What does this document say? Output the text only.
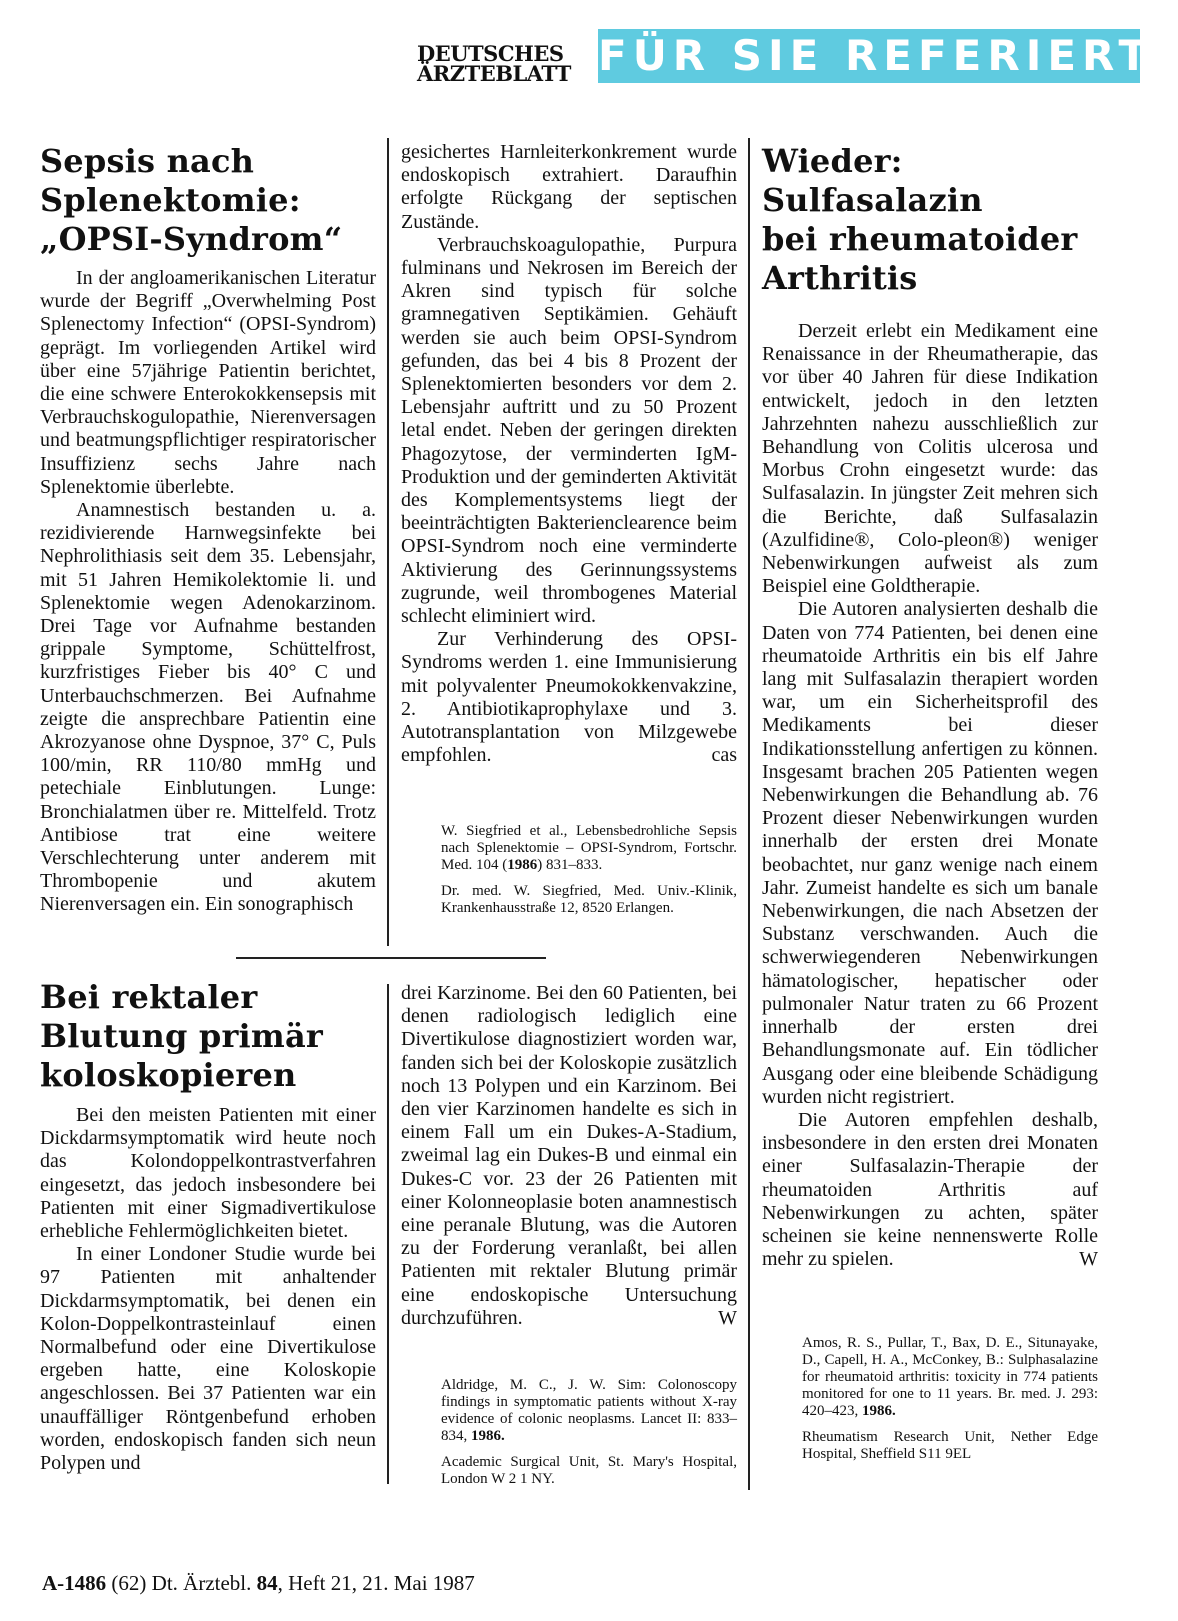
DEUTSCHES
ÄRZTEBLATT FÜR SIE REFERIERT
Sepsis nach
Splenektomie:
„OPSI-Syndrom“

In der angloamerikanischen Literatur wurde der Begriff „Overwhelming Post Splenectomy Infection“ (OPSI-Syndrom) geprägt. Im vorliegenden Artikel wird über eine 57jährige Patientin berichtet, die eine schwere Enterokokkensepsis mit Verbrauchskogulopathie, Nierenversagen und beatmungspflichtiger respiratorischer Insuffizienz sechs Jahre nach Splenektomie überlebte.

Anamnestisch bestanden u. a. rezidivierende Harnwegsinfekte bei Nephrolithiasis seit dem 35. Lebensjahr, mit 51 Jahren Hemikolektomie li. und Splenektomie wegen Adenokarzinom. Drei Tage vor Aufnahme bestanden grippale Symptome, Schüttelfrost, kurzfristiges Fieber bis 40° C und Unterbauchschmerzen. Bei Aufnahme zeigte die ansprechbare Patientin eine Akrozyanose ohne Dyspnoe, 37° C, Puls 100/min, RR 110/80 mmHg und petechiale Einblutungen. Lunge: Bronchialatmen über re. Mittelfeld. Trotz Antibiose trat eine weitere Verschlechterung unter anderem mit Thrombopenie und akutem Nierenversagen ein. Ein sonographisch

gesichertes Harnleiterkonkrement wurde endoskopisch extrahiert. Daraufhin erfolgte Rückgang der septischen Zustände.

Verbrauchskoagulopathie, Purpura fulminans und Nekrosen im Bereich der Akren sind typisch für solche gramnegativen Septikämien. Gehäuft werden sie auch beim OPSI-Syndrom gefunden, das bei 4 bis 8 Prozent der Splenektomierten besonders vor dem 2. Lebensjahr auftritt und zu 50 Prozent letal endet. Neben der geringen direkten Phagozytose, der verminderten IgM-Produktion und der geminderten Aktivität des Komplementsystems liegt der beeinträchtigten Bakterienclearence beim OPSI-Syndrom noch eine verminderte Aktivierung des Gerinnungssystems zugrunde, weil thrombogenes Material schlecht eliminiert wird.

Zur Verhinderung des OPSI-Syndroms werden 1. eine Immunisierung mit polyvalenter Pneumokokkenvakzine, 2. Antibiotikaprophylaxe und 3. Autotransplantation von Milzgewebe empfohlen.	cas

W. Siegfried et al., Lebensbedrohliche Sepsis nach Splenektomie – OPSI-Syndrom, Fortschr. Med. 104 (1986) 831–833.

Dr. med. W. Siegfried, Med. Univ.-Klinik, Krankenhausstraße 12, 8520 Erlangen.

Bei rektaler
Blutung primär
koloskopieren

Bei den meisten Patienten mit einer Dickdarmsymptomatik wird heute noch das Kolondoppelkontrastverfahren eingesetzt, das jedoch insbesondere bei Patienten mit einer Sigmadivertikulose erhebliche Fehlermöglichkeiten bietet.

In einer Londoner Studie wurde bei 97 Patienten mit anhaltender Dickdarmsymptomatik, bei denen ein Kolon-Doppelkontrasteinlauf einen Normalbefund oder eine Divertikulose ergeben hatte, eine Koloskopie angeschlossen. Bei 37 Patienten war ein unauffälliger Röntgenbefund erhoben worden, endoskopisch fanden sich neun Polypen und

drei Karzinome. Bei den 60 Patienten, bei denen radiologisch lediglich eine Divertikulose diagnostiziert worden war, fanden sich bei der Koloskopie zusätzlich noch 13 Polypen und ein Karzinom. Bei den vier Karzinomen handelte es sich in einem Fall um ein Dukes-A-Stadium, zweimal lag ein Dukes-B und einmal ein Dukes-C vor. 23 der 26 Patienten mit einer Kolonneoplasie boten anamnestisch eine peranale Blutung, was die Autoren zu der Forderung veranlaßt, bei allen Patienten mit rektaler Blutung primär eine endoskopische Untersuchung durchzuführen.	W

Aldridge, M. C., J. W. Sim: Colonoscopy findings in symptomatic patients without X-ray evidence of colonic neoplasms. Lancet II: 833–834, 1986.

Academic Surgical Unit, St. Mary's Hospital, London W 2 1 NY.

Wieder:
Sulfasalazin
bei rheumatoider
Arthritis

Derzeit erlebt ein Medikament eine Renaissance in der Rheumatherapie, das vor über 40 Jahren für diese Indikation entwickelt, jedoch in den letzten Jahrzehnten nahezu ausschließlich zur Behandlung von Colitis ulcerosa und Morbus Crohn eingesetzt wurde: das Sulfasalazin. In jüngster Zeit mehren sich die Berichte, daß Sulfasalazin (Azulfidine®, Colo-pleon®) weniger Nebenwirkungen aufweist als zum Beispiel eine Goldtherapie.

Die Autoren analysierten deshalb die Daten von 774 Patienten, bei denen eine rheumatoide Arthritis ein bis elf Jahre lang mit Sulfasalazin therapiert worden war, um ein Sicherheitsprofil des Medikaments bei dieser Indikationsstellung anfertigen zu können. Insgesamt brachen 205 Patienten wegen Nebenwirkungen die Behandlung ab. 76 Prozent dieser Nebenwirkungen wurden innerhalb der ersten drei Monate beobachtet, nur ganz wenige nach einem Jahr. Zumeist handelte es sich um banale Nebenwirkungen, die nach Absetzen der Substanz verschwanden. Auch die schwerwiegenderen Nebenwirkungen hämatologischer, hepatischer oder pulmonaler Natur traten zu 66 Prozent innerhalb der ersten drei Behandlungsmonate auf. Ein tödlicher Ausgang oder eine bleibende Schädigung wurden nicht registriert.

Die Autoren empfehlen deshalb, insbesondere in den ersten drei Monaten einer Sulfasalazin-Therapie der rheumatoiden Arthritis auf Nebenwirkungen zu achten, später scheinen sie keine nennenswerte Rolle mehr zu spielen.	W

Amos, R. S., Pullar, T., Bax, D. E., Situnayake, D., Capell, H. A., McConkey, B.: Sulphasalazine for rheumatoid arthritis: toxicity in 774 patients monitored for one to 11 years. Br. med. J. 293: 420–423, 1986.

Rheumatism Research Unit, Nether Edge Hospital, Sheffield S11 9EL

A-1486 (62) Dt. Ärztebl. 84, Heft 21, 21. Mai 1987
